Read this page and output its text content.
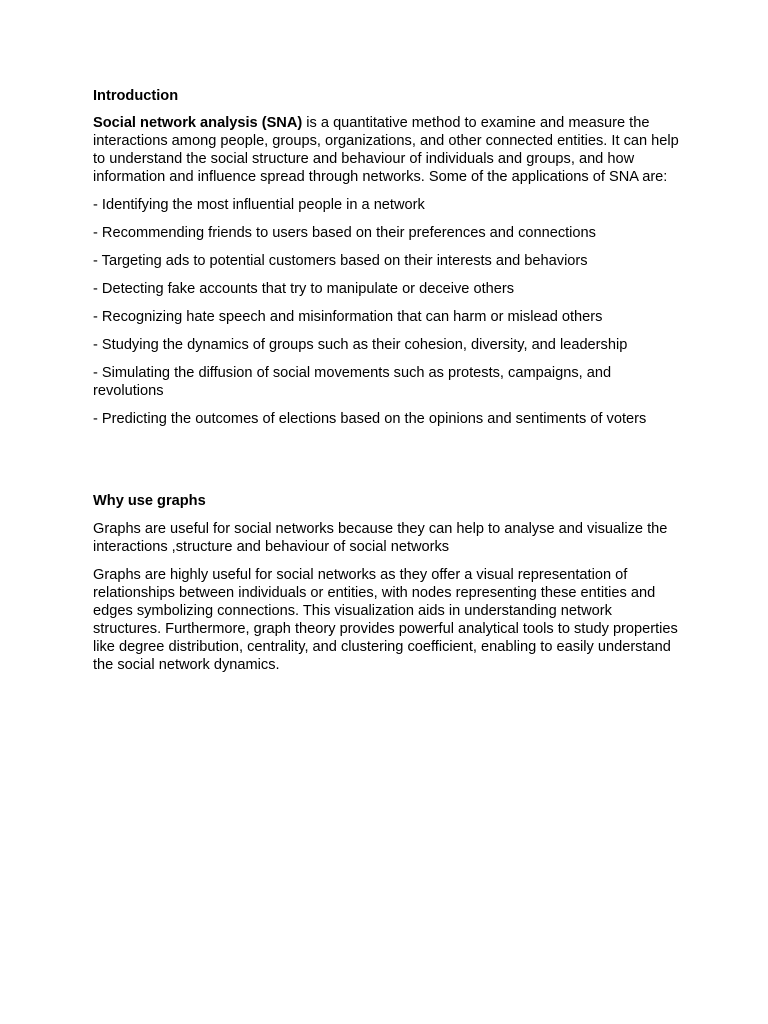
Introduction

Social network analysis (SNA) is a quantitative method to examine and measure the interactions among people, groups, organizations, and other connected entities. It can help to understand the social structure and behaviour of individuals and groups, and how information and influence spread through networks. Some of the applications of SNA are:

- Identifying the most influential people in a network
- Recommending friends to users based on their preferences and connections
- Targeting ads to potential customers based on their interests and behaviors
- Detecting fake accounts that try to manipulate or deceive others
- Recognizing hate speech and misinformation that can harm or mislead others
- Studying the dynamics of groups such as their cohesion, diversity, and leadership
- Simulating the diffusion of social movements such as protests, campaigns, and revolutions
- Predicting the outcomes of elections based on the opinions and sentiments of voters
Why use graphs

Graphs are useful for social networks because they can help to analyse and visualize the interactions ,structure and behaviour of social networks

Graphs are highly useful for social networks as they offer a visual representation of relationships between individuals or entities, with nodes representing these entities and edges symbolizing connections. This visualization aids in understanding network structures. Furthermore, graph theory provides powerful analytical tools to study properties like degree distribution, centrality, and clustering coefficient, enabling to easily understand the social network dynamics.
